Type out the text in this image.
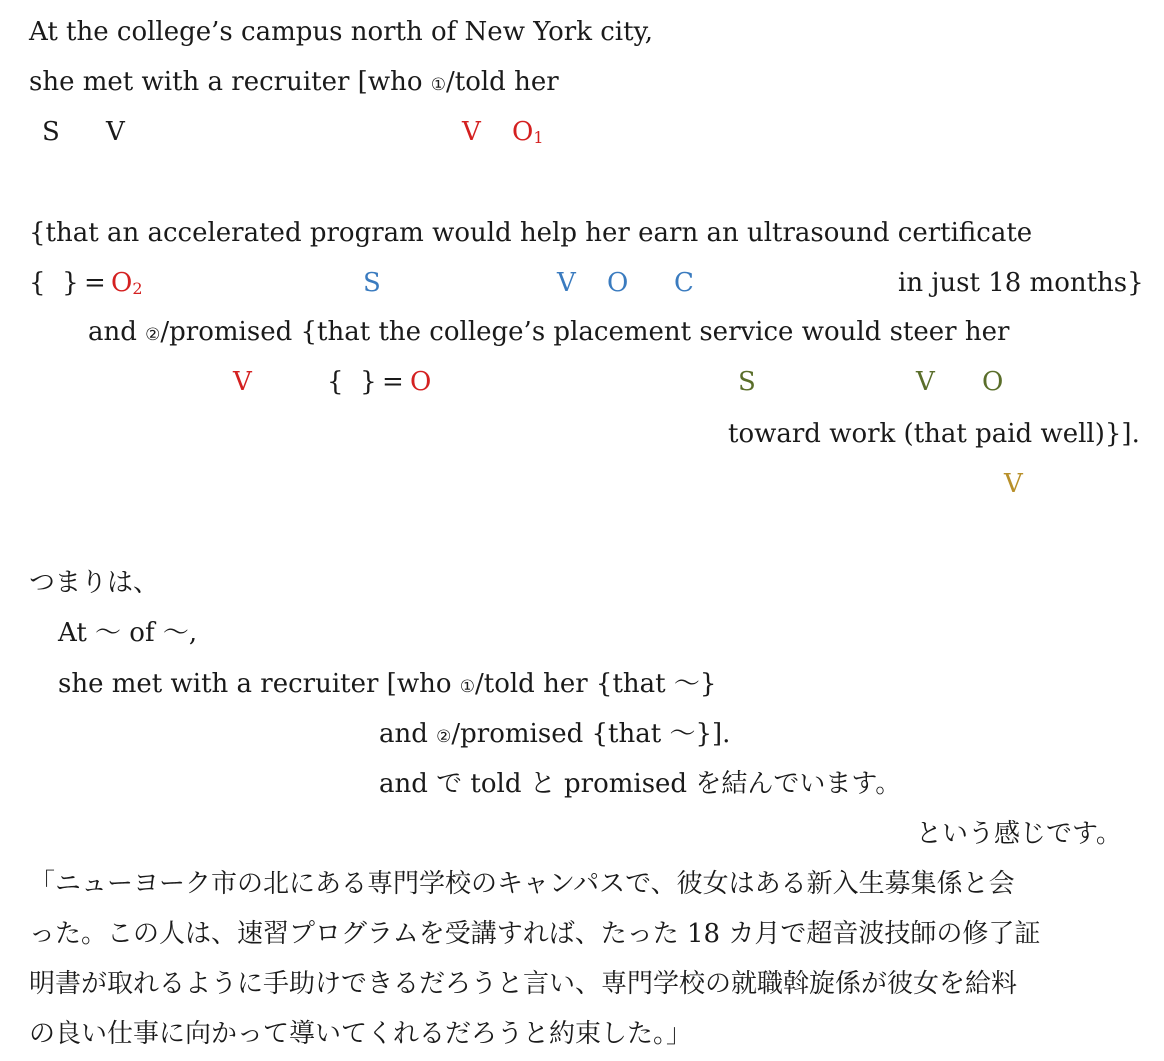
At the college’s campus north of New York city,
she met with a recruiter [who ①/told her
S V	V $O_1$
{that an accelerated program would help her earn an ultrasound certificate
{  } = $O_2$	S	V O C	in just 18 months}
and ②/promised {that the college’s placement service would steer her
V	{  } = O	S	V O
toward work (that paid well)}].
V
つまりは、
At ～ of ～,
she met with a recruiter [who ①/told her {that ～}
and ②/promised {that ～}].
and で told と promised を結んでいます。
という感じです。
「ニューヨーク市の北にある専門学校のキャンパスで、彼女はある新入生募集係と会
った。この人は、速習プログラムを受講すれば、たった 18 カ月で超音波技師の修了証
明書が取れるように手助けできるだろうと言い、専門学校の就職斡旋係が彼女を給料
の良い仕事に向かって導いてくれるだろうと約束した。」
